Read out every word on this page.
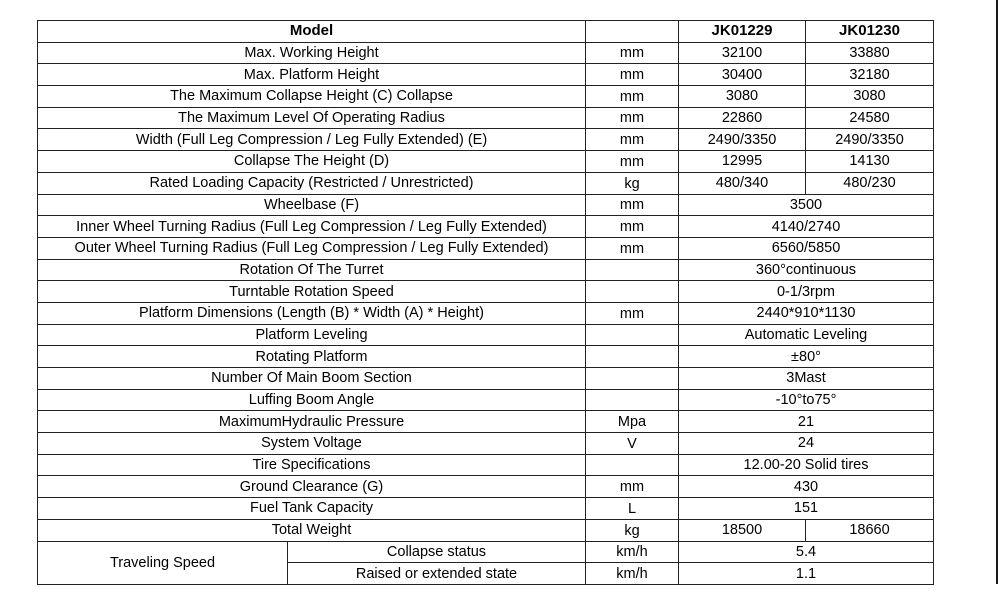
Model			JK01229	JK01230
Max. Working Height		mm	32100	33880
Max. Platform Height		mm	30400	32180
The Maximum Collapse Height (C) Collapse		mm	3080	3080
The Maximum Level Of Operating Radius		mm	22860	24580
Width (Full Leg Compression / Leg Fully Extended) (E)		mm	2490/3350	2490/3350
Collapse The Height (D)		mm	12995	14130
Rated Loading Capacity (Restricted / Unrestricted)		kg	480/340	480/230
Wheelbase (F)		mm	3500	
Inner Wheel Turning Radius (Full Leg Compression / Leg Fully Extended)		mm	4140/2740	
Outer Wheel Turning Radius (Full Leg Compression / Leg Fully Extended)		mm	6560/5850	
Rotation Of The Turret			360°continuous	
Turntable Rotation Speed			0-1/3rpm	
Platform Dimensions (Length (B) * Width (A) * Height)		mm	2440*910*1130	
Platform Leveling			Automatic Leveling	
Rotating Platform			±80°	
Number Of Main Boom Section			3Mast	
Luffing Boom Angle			-10°to75°	
MaximumHydraulic Pressure		Mpa	21	
System Voltage		V	24	
Tire Specifications			12.00-20 Solid tires	
Ground Clearance (G)		mm	430	
Fuel Tank Capacity		L	151	
Total Weight		kg	18500	18660
Traveling Speed	Collapse status	km/h	5.4	
	Raised or extended state	km/h	1.1	
